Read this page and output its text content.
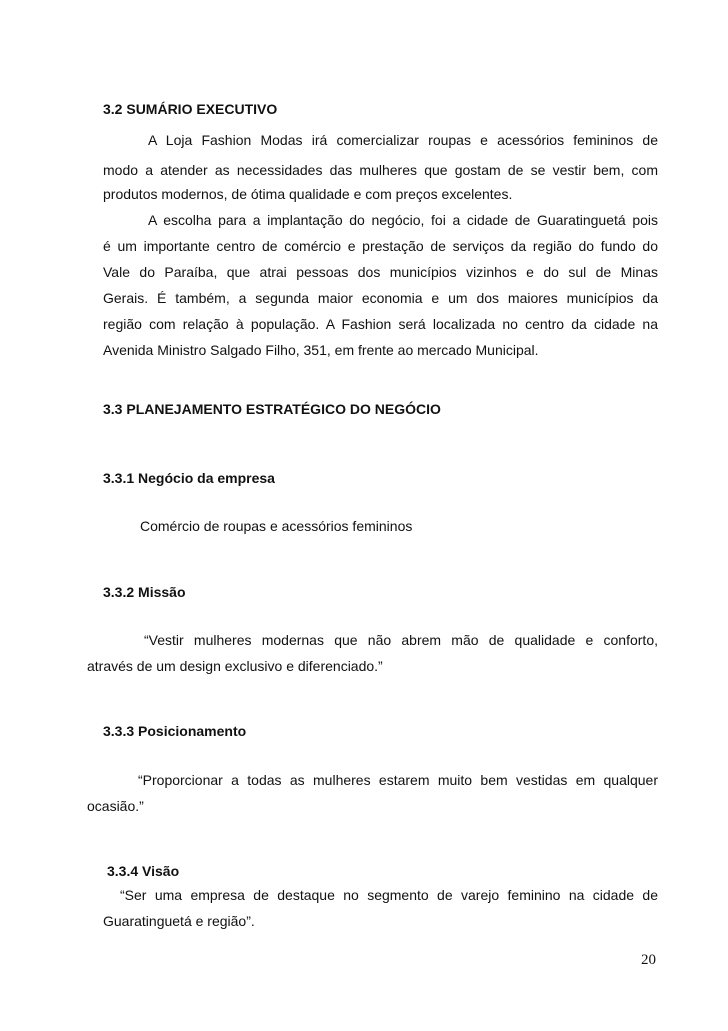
3.2 SUMÁRIO EXECUTIVO
A Loja Fashion Modas irá comercializar roupas e acessórios femininos de
modo a atender as necessidades das mulheres que gostam de se vestir bem, com
produtos modernos, de ótima qualidade e com preços excelentes.
A escolha para a implantação do negócio, foi a cidade de Guaratinguetá pois
é um importante centro de comércio e prestação de serviços da região do fundo do
Vale do Paraíba, que atrai pessoas dos municípios vizinhos e do sul de Minas
Gerais. É também, a segunda maior economia e um dos maiores municípios da
região com relação à população. A Fashion será localizada no centro da cidade na
Avenida Ministro Salgado Filho, 351, em frente ao mercado Municipal.
3.3 PLANEJAMENTO ESTRATÉGICO DO NEGÓCIO
3.3.1 Negócio da empresa
Comércio de roupas e acessórios femininos
3.3.2 Missão
“Vestir mulheres modernas que não abrem mão de qualidade e conforto,
através de um design exclusivo e diferenciado.”
3.3.3 Posicionamento
“Proporcionar a todas as mulheres estarem muito bem vestidas em qualquer
ocasião.”
3.3.4 Visão
“Ser uma empresa de destaque no segmento de varejo feminino na cidade de
Guaratinguetá e região”.
20
